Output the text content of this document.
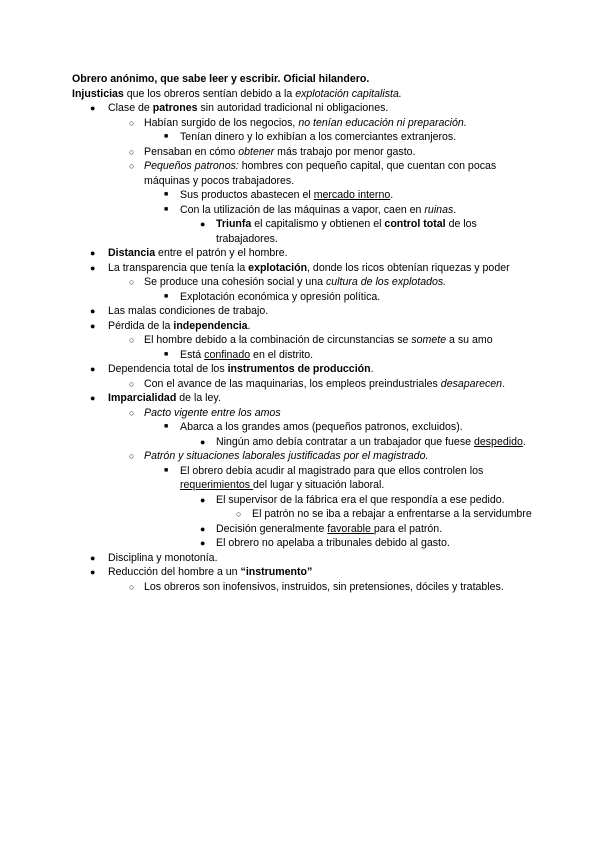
Obrero anónimo, que sabe leer y escribir. Oficial hilandero.
Injusticias que los obreros sentían debido a la explotación capitalista.
● Clase de patrones sin autoridad tradicional ni obligaciones.
○ Habían surgido de los negocios, no tenían educación ni preparación.
■ Tenían dinero y lo exhibían a los comerciantes extranjeros.
○ Pensaban en cómo obtener más trabajo por menor gasto.
○ Pequeños patronos: hombres con pequeño capital, que cuentan con pocas máquinas y pocos trabajadores.
■ Sus productos abastecen el mercado interno.
■ Con la utilización de las máquinas a vapor, caen en ruinas.
● Triunfa el capitalismo y obtienen el control total de los trabajadores.
● Distancia entre el patrón y el hombre.
● La transparencia que tenía la explotación, donde los ricos obtenían riquezas y poder
○ Se produce una cohesión social y una cultura de los explotados.
■ Explotación económica y opresión política.
● Las malas condiciones de trabajo.
● Pérdida de la independencia.
○ El hombre debido a la combinación de circunstancias se somete a su amo
■ Está confinado en el distrito.
● Dependencia total de los instrumentos de producción.
○ Con el avance de las maquinarias, los empleos preindustriales desaparecen.
● Imparcialidad de la ley.
○ Pacto vigente entre los amos
■ Abarca a los grandes amos (pequeños patronos, excluidos).
● Ningún amo debía contratar a un trabajador que fuese despedido.
○ Patrón y situaciones laborales justificadas por el magistrado.
■ El obrero debía acudir al magistrado para que ellos controlen los requerimientos del lugar y situación laboral.
● El supervisor de la fábrica era el que respondía a ese pedido.
○ El patrón no se iba a rebajar a enfrentarse a la servidumbre
● Decisión generalmente favorable para el patrón.
● El obrero no apelaba a tribunales debido al gasto.
● Disciplina y monotonía.
● Reducción del hombre a un “instrumento”
○ Los obreros son inofensivos, instruidos, sin pretensiones, dóciles y tratables.
